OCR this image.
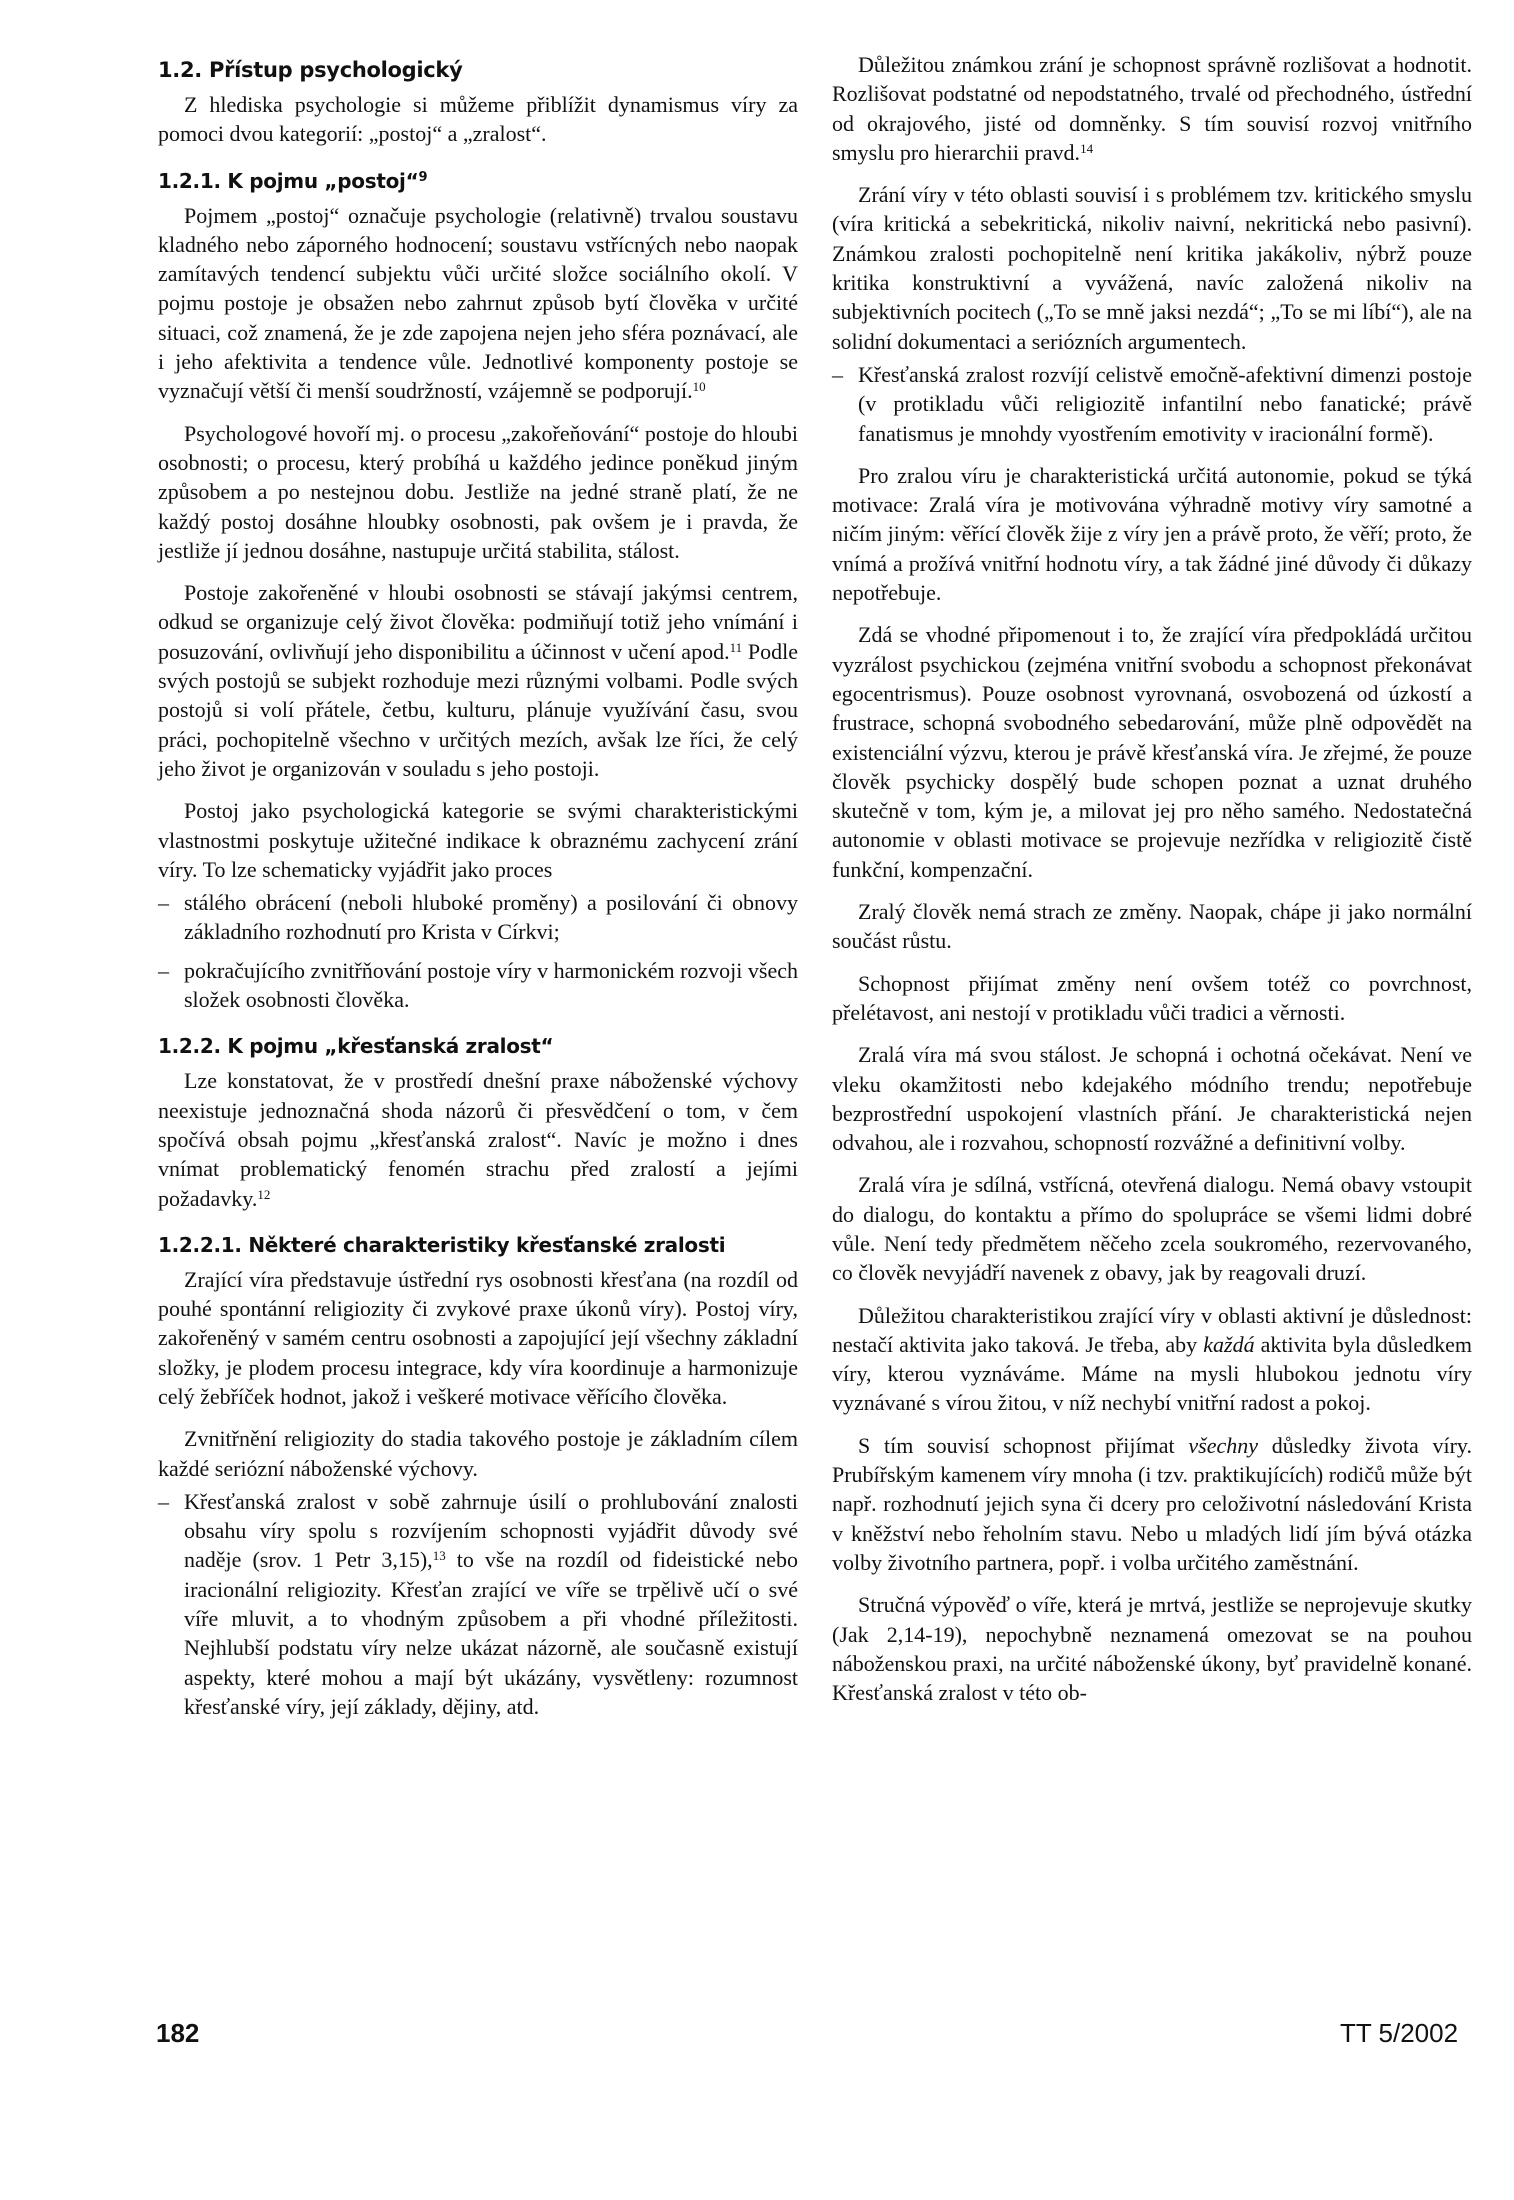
1.2. Přístup psychologický

Z hlediska psychologie si můžeme přiblížit dynamismus víry za pomoci dvou kategorií: „postoj“ a „zralost“.

1.2.1. K pojmu „postoj“$^9$

Pojmem „postoj“ označuje psychologie (relativně) trvalou soustavu kladného nebo záporného hodnocení; soustavu vstřícných nebo naopak zamítavých tendencí subjektu vůči určité složce sociálního okolí. V pojmu postoje je obsažen nebo zahrnut způsob bytí člověka v určité situaci, což znamená, že je zde zapojena nejen jeho sféra poznávací, ale i jeho afektivita a tendence vůle. Jednotlivé komponenty postoje se vyznačují větší či menší soudržností, vzájemně se podporují.$^{10}$

Psychologové hovoří mj. o procesu „zakořeňování“ postoje do hloubi osobnosti; o procesu, který probíhá u každého jedince poněkud jiným způsobem a po nestejnou dobu. Jestliže na jedné straně platí, že ne každý postoj dosáhne hloubky osobnosti, pak ovšem je i pravda, že jestliže jí jednou dosáhne, nastupuje určitá stabilita, stálost.

Postoje zakořeněné v hloubi osobnosti se stávají jakýmsi centrem, odkud se organizuje celý život člověka: podmiňují totiž jeho vnímání i posuzování, ovlivňují jeho disponibilitu a účinnost v učení apod.$^{11}$ Podle svých postojů se subjekt rozhoduje mezi různými volbami. Podle svých postojů si volí přátele, četbu, kulturu, plánuje využívání času, svou práci, pochopitelně všechno v určitých mezích, avšak lze říci, že celý jeho život je organizován v souladu s jeho postoji.

Postoj jako psychologická kategorie se svými charakteristickými vlastnostmi poskytuje užitečné indikace k obraznému zachycení zrání víry. To lze schematicky vyjádřit jako proces

– stálého obrácení (neboli hluboké proměny) a posilování či obnovy základního rozhodnutí pro Krista v Církvi;
– pokračujícího zvnitřňování postoje víry v harmonickém rozvoji všech složek osobnosti člověka.
1.2.2. K pojmu „křesťanská zralost“

Lze konstatovat, že v prostředí dnešní praxe náboženské výchovy neexistuje jednoznačná shoda názorů či přesvědčení o tom, v čem spočívá obsah pojmu „křesťanská zralost“. Navíc je možno i dnes vnímat problematický fenomén strachu před zralostí a jejími požadavky.$^{12}$

1.2.2.1. Některé charakteristiky křesťanské zralosti

Zrající víra představuje ústřední rys osobnosti křesťana (na rozdíl od pouhé spontánní religiozity či zvykové praxe úkonů víry). Postoj víry, zakořeněný v samém centru osobnosti a zapojující její všechny základní složky, je plodem procesu integrace, kdy víra koordinuje a harmonizuje celý žebříček hodnot, jakož i veškeré motivace věřícího člověka.

Zvnitřnění religiozity do stadia takového postoje je základním cílem každé seriózní náboženské výchovy.

– Křesťanská zralost v sobě zahrnuje úsilí o prohlubování znalosti obsahu víry spolu s rozvíjením schopnosti vyjádřit důvody své naděje (srov. 1 Petr 3,15),$^{13}$ to vše na rozdíl od fideistické nebo iracionální religiozity. Křesťan zrající ve víře se trpělivě učí o své víře mluvit, a to vhodným způsobem a při vhodné příležitosti. Nejhlubší podstatu víry nelze ukázat názorně, ale současně existují aspekty, které mohou a mají být ukázány, vysvětleny: rozumnost křesťanské víry, její základy, dějiny, atd.

Důležitou známkou zrání je schopnost správně rozlišovat a hodnotit. Rozlišovat podstatné od nepodstatného, trvalé od přechodného, ústřední od okrajového, jisté od domněnky. S tím souvisí rozvoj vnitřního smyslu pro hierarchii pravd.$^{14}$

Zrání víry v této oblasti souvisí i s problémem tzv. kritického smyslu (víra kritická a sebekritická, nikoliv naivní, nekritická nebo pasivní). Známkou zralosti pochopitelně není kritika jakákoliv, nýbrž pouze kritika konstruktivní a vyvážená, navíc založená nikoliv na subjektivních pocitech („To se mně jaksi nezdá“; „To se mi líbí“), ale na solidní dokumentaci a seriózních argumentech.

– Křesťanská zralost rozvíjí celistvě emočně-afektivní dimenzi postoje (v protikladu vůči religiozitě infantilní nebo fanatické; právě fanatismus je mnohdy vyostřením emotivity v iracionální formě).

Pro zralou víru je charakteristická určitá autonomie, pokud se týká motivace: Zralá víra je motivována výhradně motivy víry samotné a ničím jiným: věřící člověk žije z víry jen a právě proto, že věří; proto, že vnímá a prožívá vnitřní hodnotu víry, a tak žádné jiné důvody či důkazy nepotřebuje.

Zdá se vhodné připomenout i to, že zrající víra předpokládá určitou vyzrálost psychickou (zejména vnitřní svobodu a schopnost překonávat egocentrismus). Pouze osobnost vyrovnaná, osvobozená od úzkostí a frustrace, schopná svobodného sebedarování, může plně odpovědět na existenciální výzvu, kterou je právě křesťanská víra. Je zřejmé, že pouze člověk psychicky dospělý bude schopen poznat a uznat druhého skutečně v tom, kým je, a milovat jej pro něho samého. Nedostatečná autonomie v oblasti motivace se projevuje nezřídka v religiozitě čistě funkční, kompenzační.

Zralý člověk nemá strach ze změny. Naopak, chápe ji jako normální součást růstu.

Schopnost přijímat změny není ovšem totéž co povrchnost, přelétavost, ani nestojí v protikladu vůči tradici a věrnosti.

Zralá víra má svou stálost. Je schopná i ochotná očekávat. Není ve vleku okamžitosti nebo kdejakého módního trendu; nepotřebuje bezprostřední uspokojení vlastních přání. Je charakteristická nejen odvahou, ale i rozvahou, schopností rozvážné a definitivní volby.

Zralá víra je sdílná, vstřícná, otevřená dialogu. Nemá obavy vstoupit do dialogu, do kontaktu a přímo do spolupráce se všemi lidmi dobré vůle. Není tedy předmětem něčeho zcela soukromého, rezervovaného, co člověk nevyjádří navenek z obavy, jak by reagovali druzí.

Důležitou charakteristikou zrající víry v oblasti aktivní je důslednost: nestačí aktivita jako taková. Je třeba, aby každá aktivita byla důsledkem víry, kterou vyznáváme. Máme na mysli hlubokou jednotu víry vyznávané s vírou žitou, v níž nechybí vnitřní radost a pokoj.

S tím souvisí schopnost přijímat všechny důsledky života víry. Prubířským kamenem víry mnoha (i tzv. praktikujících) rodičů může být např. rozhodnutí jejich syna či dcery pro celoživotní následování Krista v kněžství nebo řeholním stavu. Nebo u mladých lidí jím bývá otázka volby životního partnera, popř. i volba určitého zaměstnání.

Stručná výpověď o víře, která je mrtvá, jestliže se neprojevuje skutky (Jak 2,14-19), nepochybně neznamená omezovat se na pouhou náboženskou praxi, na určité náboženské úkony, byť pravidelně konané. Křesťanská zralost v této ob-

182	TT 5/2002
